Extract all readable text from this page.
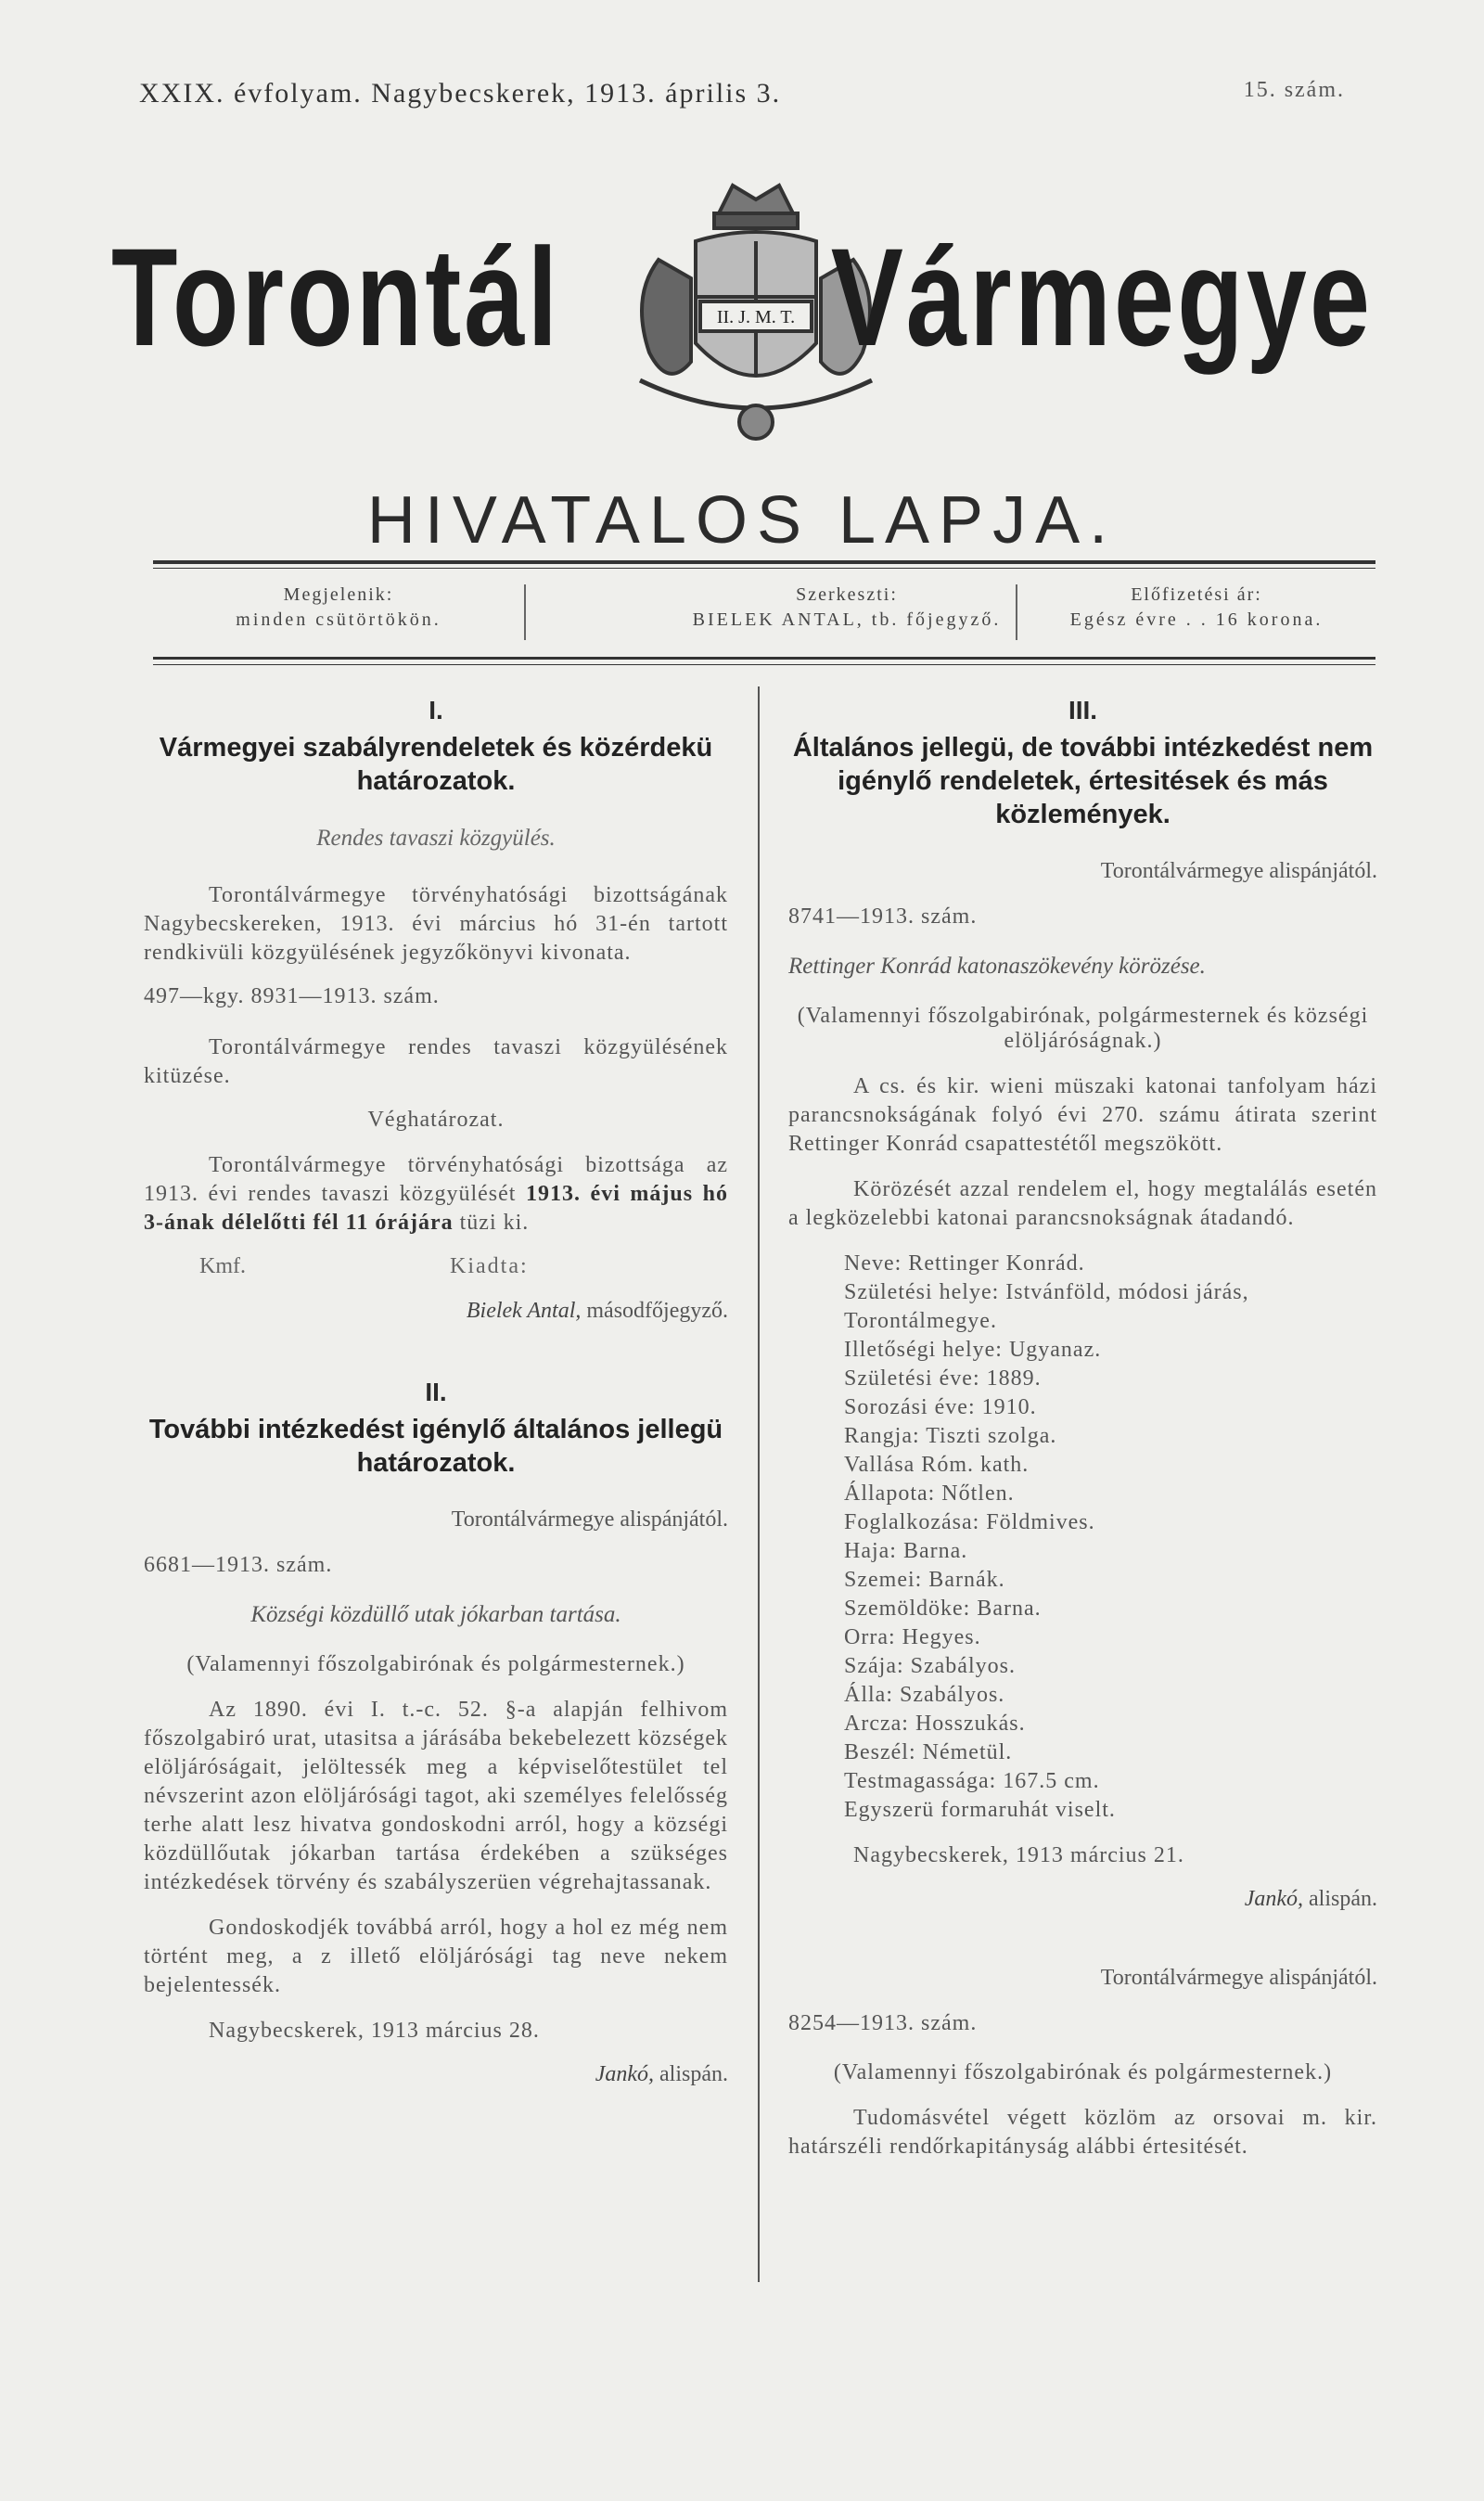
XXIX. évfolyam. Nagybecskerek, 1913. április 3.	15. szám.
Torontál	II. J. M. T. Vármegye
HIVATALOS LAPJA.
Megjelenik:
minden csütörtökön.
Szerkeszti:
BIELEK ANTAL, tb. főjegyző.
Előfizetési ár:
Egész évre . . 16 korona.

I.

Vármegyei szabályrendeletek és közérdekü határozatok.

Rendes tavaszi közgyülés.

Torontálvármegye törvényhatósági bizottságának Nagybecskereken, 1913. évi március hó 31-én tartott rendkivüli közgyülésének jegyzőkönyvi kivonata.

497—kgy. 8931—1913. szám.

Torontálvármegye rendes tavaszi közgyülésének kitüzése.

Véghatározat.

Torontálvármegye törvényhatósági bizottsága az 1913. évi rendes tavaszi közgyülését 1913. évi május hó 3-ának délelőtti fél 11 órájára tüzi ki.

Kmf.	Kiadta:

Bielek Antal, másodfőjegyző.

II.

További intézkedést igénylő általános jellegü határozatok.

Torontálvármegye alispánjától.

6681—1913. szám.

Községi közdüllő utak jókarban tartása.

(Valamennyi főszolgabirónak és polgármesternek.)

Az 1890. évi I. t.-c. 52. §-a alapján felhivom főszolgabiró urat, utasitsa a járásába bekebelezett községek elöljáróságait, jelöltessék meg a képviselőtestület tel névszerint azon elöljárósági tagot, aki személyes felelősség terhe alatt lesz hivatva gondoskodni arról, hogy a községi közdüllőutak jókarban tartása érdekében a szükséges intézkedések törvény és szabályszerüen végrehajtassanak.

Gondoskodjék továbbá arról, hogy a hol ez még nem történt meg, a z illető elöljárósági tag neve nekem bejelentessék.

Nagybecskerek, 1913 március 28.

Jankó, alispán.

III.

Általános jellegü, de további intézkedést nem igénylő rendeletek, értesitések és más közlemények.

Torontálvármegye alispánjától.

8741—1913. szám.

Rettinger Konrád katonaszökevény körözése.

(Valamennyi főszolgabirónak, polgármesternek és községi elöljáróságnak.)

A cs. és kir. wieni müszaki katonai tanfolyam házi parancsnokságának folyó évi 270. számu átirata szerint Rettinger Konrád csapattestétől megszökött.

Körözését azzal rendelem el, hogy megtalálás esetén a legközelebbi katonai parancsnokságnak átadandó.

Neve: Rettinger Konrád.
Születési helye: Istvánföld, módosi járás, Torontálmegye.
Illetőségi helye: Ugyanaz.
Születési éve: 1889.
Sorozási éve: 1910.
Rangja: Tiszti szolga.
Vallása Róm. kath.
Állapota: Nőtlen.
Foglalkozása: Földmives.
Haja: Barna.
Szemei: Barnák.
Szemöldöke: Barna.
Orra: Hegyes.
Szája: Szabályos.
Álla: Szabályos.
Arcza: Hosszukás.
Beszél: Németül.
Testmagassága: 167.5 cm.
Egyszerü formaruhát viselt.

Nagybecskerek, 1913 március 21.

Jankó, alispán.

Torontálvármegye alispánjától.

8254—1913. szám.

(Valamennyi főszolgabirónak és polgármesternek.)

Tudomásvétel végett közlöm az orsovai m. kir. határszéli rendőrkapitányság alábbi értesitését.
